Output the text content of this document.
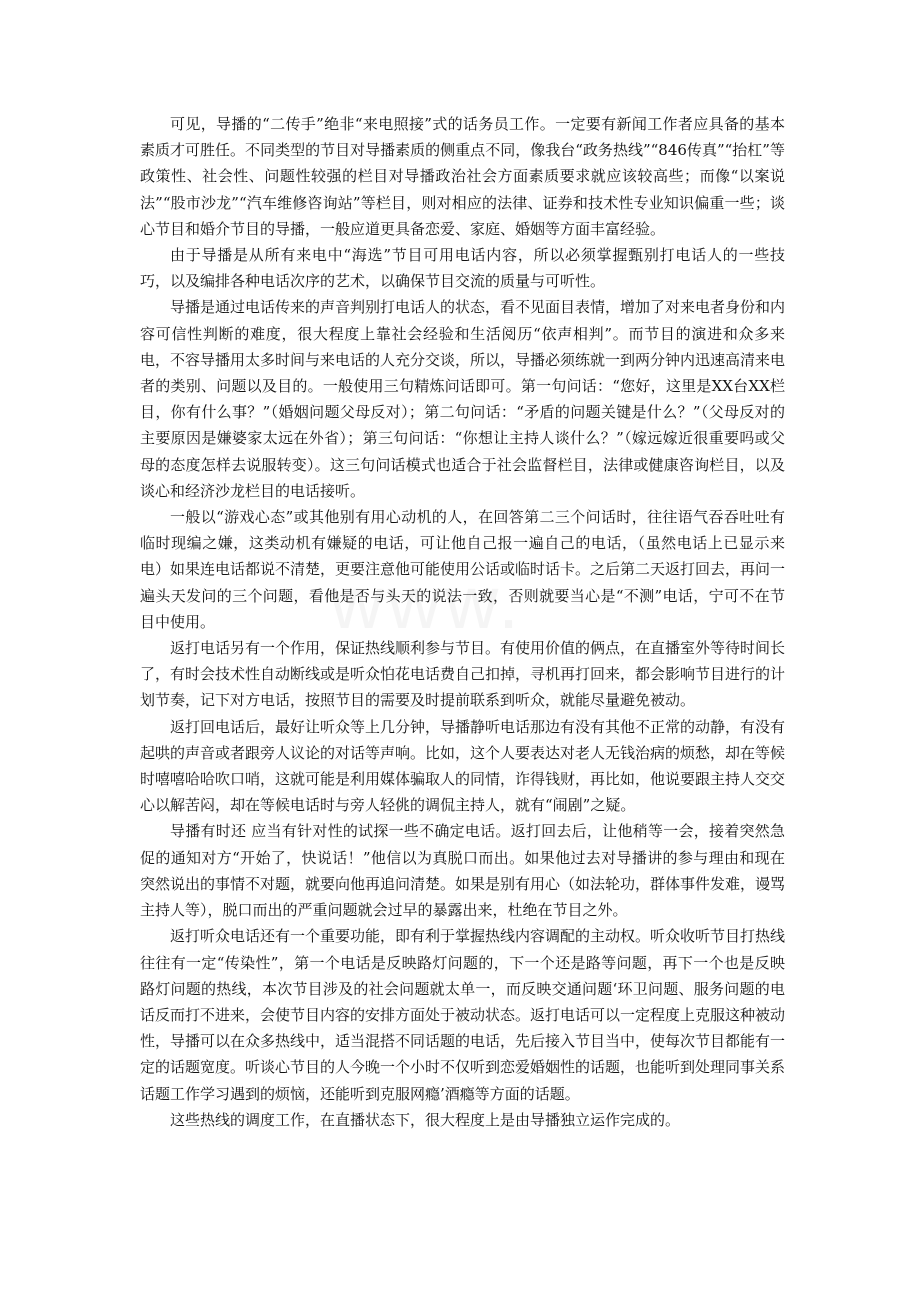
可见，导播的“二传手”绝非“来电照接”式的话务员工作。一定要有新闻工作者应具备的基本素质才可胜任。不同类型的节目对导播素质的侧重点不同，像我台“政务热线”“846传真”“抬杠”等政策性、社会性、问题性较强的栏目对导播政治社会方面素质要求就应该较高些；而像“以案说法”“股市沙龙”“汽车维修咨询站”等栏目，则对相应的法律、证券和技术性专业知识偏重一些；谈心节目和婚介节目的导播，一般应道更具备恋爱、家庭、婚姻等方面丰富经验。

由于导播是从所有来电中“海选”节目可用电话内容，所以必须掌握甄别打电话人的一些技巧，以及编排各种电话次序的艺术，以确保节目交流的质量与可听性。

导播是通过电话传来的声音判别打电话人的状态，看不见面目表情，增加了对来电者身份和内容可信性判断的难度，很大程度上靠社会经验和生活阅历“依声相判”。而节目的演进和众多来电，不容导播用太多时间与来电话的人充分交谈，所以，导播必须练就一到两分钟内迅速高清来电者的类别、问题以及目的。一般使用三句精炼问话即可。第一句问话：“您好，这里是XX台XX栏目，你有什么事？”（婚姻问题父母反对）；第二句问话：“矛盾的问题关键是什么？”（父母反对的主要原因是嫌婆家太远在外省）；第三句问话：“你想让主持人谈什么？”（嫁远嫁近很重要吗或父母的态度怎样去说服转变）。这三句问话模式也适合于社会监督栏目，法律或健康咨询栏目，以及谈心和经济沙龙栏目的电话接听。

一般以“游戏心态”或其他别有用心动机的人，在回答第二三个问话时，往往语气吞吞吐吐有临时现编之嫌，这类动机有嫌疑的电话，可让他自己报一遍自己的电话，（虽然电话上已显示来电）如果连电话都说不清楚，更要注意他可能使用公话或临时话卡。之后第二天返打回去，再问一遍头天发问的三个问题，看他是否与头天的说法一致，否则就要当心是“不测”电话，宁可不在节目中使用。

返打电话另有一个作用，保证热线顺利参与节目。有使用价值的俩点，在直播室外等待时间长了，有时会技术性自动断线或是听众怕花电话费自己扣掉，寻机再打回来，都会影响节目进行的计划节奏，记下对方电话，按照节目的需要及时提前联系到听众，就能尽量避免被动。

返打回电话后，最好让听众等上几分钟，导播静听电话那边有没有其他不正常的动静，有没有起哄的声音或者跟旁人议论的对话等声响。比如，这个人要表达对老人无钱治病的烦愁，却在等候时嘻嘻哈哈吹口哨，这就可能是利用媒体骗取人的同情，诈得钱财，再比如，他说要跟主持人交交心以解苦闷，却在等候电话时与旁人轻佻的调侃主持人，就有“闹剧”之疑。

导播有时还 应当有针对性的试探一些不确定电话。返打回去后，让他稍等一会，接着突然急促的通知对方“开始了，快说话！”他信以为真脱口而出。如果他过去对导播讲的参与理由和现在突然说出的事情不对题，就要向他再追问清楚。如果是别有用心（如法轮功，群体事件发难，谩骂主持人等），脱口而出的严重问题就会过早的暴露出来，杜绝在节目之外。

返打听众电话还有一个重要功能，即有利于掌握热线内容调配的主动权。听众收听节目打热线往往有一定“传染性”，第一个电话是反映路灯问题的，下一个还是路等问题，再下一个也是反映路灯问题的热线，本次节目涉及的社会问题就太单一，而反映交通问题‘环卫问题、服务问题的电话反而打不进来，会使节目内容的安排方面处于被动状态。返打电话可以一定程度上克服这种被动性，导播可以在众多热线中，适当混搭不同话题的电话，先后接入节目当中，使每次节目都能有一定的话题宽度。听谈心节目的人今晚一个小时不仅听到恋爱婚姻性的话题，也能听到处理同事关系话题工作学习遇到的烦恼，还能听到克服网瘾’酒瘾等方面的话题。

这些热线的调度工作，在直播状态下，很大程度上是由导播独立运作完成的。
